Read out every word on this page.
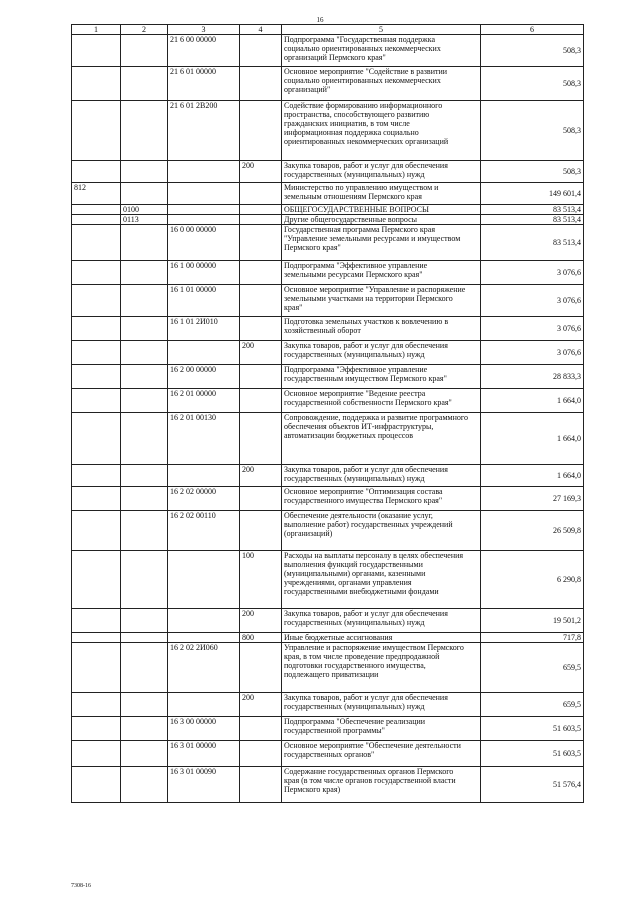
16
1	2	3	4	5	6
		21 6 00 00000		Подпрограмма "Государственная поддержка
социально ориентированных некоммерческих
организаций Пермского края"	508,3
		21 6 01 00000		Основное мероприятие "Содействие в развитии
социально ориентированных некоммерческих
организаций"	508,3
		21 6 01 2В200		Содействие формированию информационного
пространства, способствующего развитию
гражданских инициатив, в том числе
информационная поддержка социально
ориентированных некоммерческих организаций	508,3
			200	Закупка товаров, работ и услуг для обеспечения
государственных (муниципальных) нужд	508,3
812				Министерство по управлению имуществом и
земельным отношениям Пермского края	149 601,4
	0100			ОБЩЕГОСУДАРСТВЕННЫЕ ВОПРОСЫ	83 513,4
	0113			Другие общегосударственные вопросы	83 513,4
		16 0 00 00000		Государственная программа Пермского края
"Управление земельными ресурсами и имуществом
Пермского края"	83 513,4
		16 1 00 00000		Подпрограмма "Эффективное управление
земельными ресурсами Пермского края"	3 076,6
		16 1 01 00000		Основное мероприятие "Управление и распоряжение
земельными участками на территории Пермского
края"	3 076,6
		16 1 01 2И010		Подготовка земельных участков к вовлечению в
хозяйственный оборот	3 076,6
			200	Закупка товаров, работ и услуг для обеспечения
государственных (муниципальных) нужд	3 076,6
		16 2 00 00000		Подпрограмма "Эффективное управление
государственным имуществом Пермского края"	28 833,3
		16 2 01 00000		Основное мероприятие "Ведение реестра
государственной собственности Пермского края"	1 664,0
		16 2 01 00130		Сопровождение, поддержка и развитие программного
обеспечения объектов ИТ-инфраструктуры,
автоматизации бюджетных процессов	1 664,0
			200	Закупка товаров, работ и услуг для обеспечения
государственных (муниципальных) нужд	1 664,0
		16 2 02 00000		Основное мероприятие "Оптимизация состава
государственного имущества Пермского края"	27 169,3
		16 2 02 00110		Обеспечение деятельности (оказание услуг,
выполнение работ) государственных учреждений
(организаций)	26 509,8
			100	Расходы на выплаты персоналу в целях обеспечения
выполнения функций государственными
(муниципальными) органами, казенными
учреждениями, органами управления
государственными внебюджетными фондами	6 290,8
			200	Закупка товаров, работ и услуг для обеспечения
государственных (муниципальных) нужд	19 501,2
			800	Иные бюджетные ассигнования	717,8
		16 2 02 2И060		Управление и распоряжение имуществом Пермского
края, в том числе проведение предпродажной
подготовки государственного имущества,
подлежащего приватизации	659,5
			200	Закупка товаров, работ и услуг для обеспечения
государственных (муниципальных) нужд	659,5
		16 3 00 00000		Подпрограмма "Обеспечение реализации
государственной программы"	51 603,5
		16 3 01 00000		Основное мероприятие "Обеспечение деятельности
государственных органов"	51 603,5
		16 3 01 00090		Содержание государственных органов Пермского
края (в том числе органов государственной власти
Пермского края)	51 576,4
7308-16
